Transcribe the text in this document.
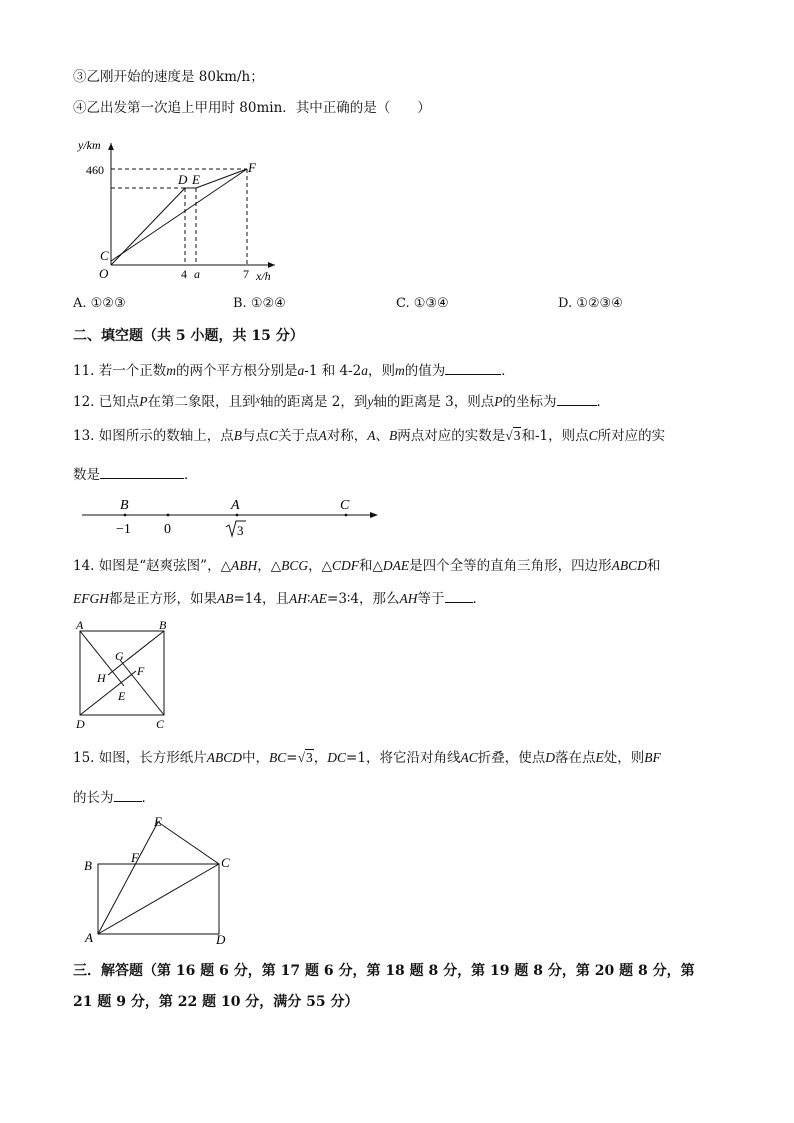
③乙刚开始的速度是 80km/h；
④乙出发第一次追上甲用时 80min．其中正确的是（　　）
y/km
460
D E
F
C
O	4 a	7 x/h
A. ①②③	B. ①②④	C. ①③④	D. ①②③④
二、填空题（共 5 小题，共 15 分）
11. 若一个正数m的两个平方根分别是a-1 和 4-2a，则m的值为	．
12. 已知点P在第二象限，且到$^x$轴的距离是 2，到y轴的距离是 3，则点P的坐标为	．
13. 如图所示的数轴上，点B与点C关于点A对称，A、B两点对应的实数是√3和-1，则点C所对应的实
数是	．
B	A	C
−1 0	3
14. 如图是“赵爽弦图”，△ABH，△BCG，△CDF和△DAE是四个全等的直角三角形，四边形ABCD和
EFGH都是正方形，如果AB=14，且AH∶AE=3∶4，那么AH等于 ．
A	B
C
D
E
F
G
H
15. 如图，长方形纸片ABCD中，BC=√3，DC=1，将它沿对角线AC折叠，使点D落在点E处，则BF
的长为 ．
A
B	C
D
E
F
三．解答题（第 16 题 6 分，第 17 题 6 分，第 18 题 8 分，第 19 题 8 分，第 20 题 8 分，第
21 题 9 分，第 22 题 10 分，满分 55 分）
